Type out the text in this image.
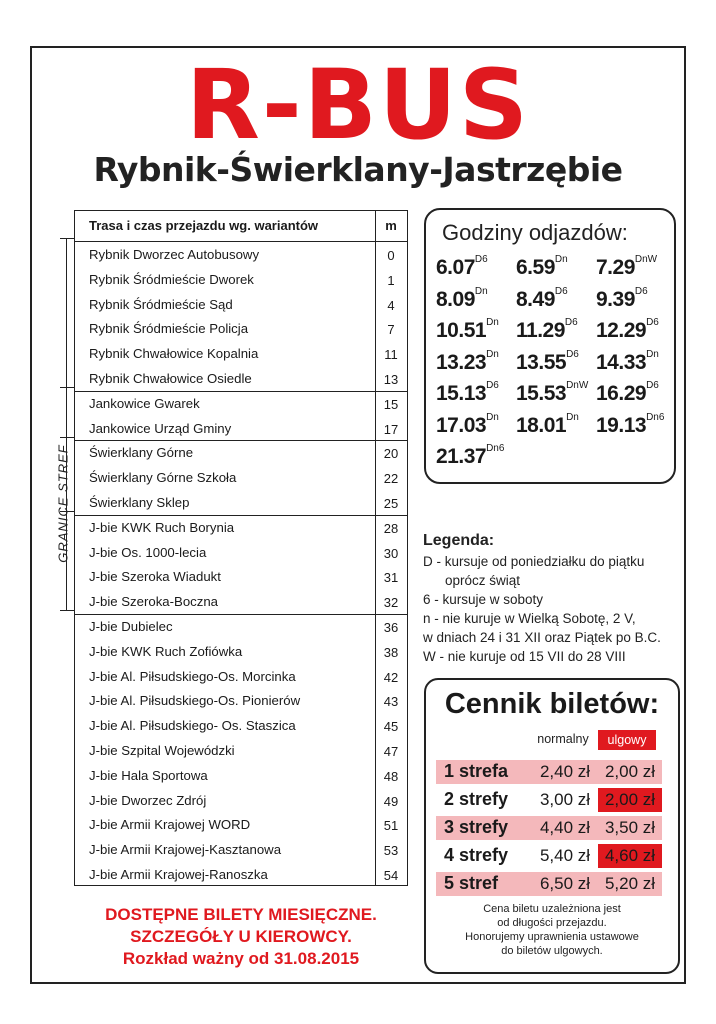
R-BUS
Rybnik-Świerklany-Jastrzębie
GRANICE STREF
Trasa i czas przejazdu wg. wariantów	m
Rybnik Dworzec Autobusowy	0
Rybnik Śródmieście Dworek	1
Rybnik Śródmieście Sąd	4
Rybnik Śródmieście Policja	7
Rybnik Chwałowice Kopalnia	11
Rybnik Chwałowice Osiedle	13
Jankowice Gwarek	15
Jankowice Urząd Gminy	17
Świerklany Górne	20
Świerklany Górne Szkoła	22
Świerklany Sklep	25
J-bie KWK Ruch Borynia	28
J-bie Os. 1000-lecia	30
J-bie Szeroka Wiadukt	31
J-bie Szeroka-Boczna	32
J-bie Dubielec	36
J-bie KWK Ruch Zofiówka	38
J-bie Al. Piłsudskiego-Os. Morcinka	42
J-bie Al. Piłsudskiego-Os. Pionierów	43
J-bie Al. Piłsudskiego- Os. Staszica	45
J-bie Szpital Wojewódzki	47
J-bie Hala Sportowa	48
J-bie Dworzec Zdrój	49
J-bie Armii Krajowej WORD	51
J-bie Armii Krajowej-Kasztanowa	53
J-bie Armii Krajowej-Ranoszka	54
Godziny odjazdów:
$6.07^{D6}$ $6.59^{Dn}$ $7.29^{DnW}$
$8.09^{Dn}$ $8.49^{D6}$ $9.39^{D6}$
$10.51^{Dn}$ $11.29^{D6}$ $12.29^{D6}$
$13.23^{Dn}$ $13.55^{D6}$ $14.33^{Dn}$
$15.13^{D6}$ $15.53^{DnW}$ $16.29^{D6}$
$17.03^{Dn}$ $18.01^{Dn}$ $19.13^{Dn6}$
$21.37^{Dn6}$
Legenda:
D - kursuje od poniedziałku do piątku
oprócz świąt
6 - kursuje w soboty
n - nie kuruje w Wielką Sobotę, 2 V,
w dniach 24 i 31 XII oraz Piątek po B.C.
W - nie kuruje od 15 VII do 28 VIII
Cennik biletów:
normalny	ulgowy
1 strefa	2,40 zł 2,00 zł
2 strefy	3,00 zł 2,00 zł
3 strefy	4,40 zł 3,50 zł
4 strefy	5,40 zł 4,60 zł
5 stref	6,50 zł 5,20 zł
Cena biletu uzależniona jest
od długości przejazdu.
Honorujemy uprawnienia ustawowe
do biletów ulgowych.
DOSTĘPNE BILETY MIESIĘCZNE.
SZCZEGÓŁY U KIEROWCY.
Rozkład ważny od 31.08.2015
